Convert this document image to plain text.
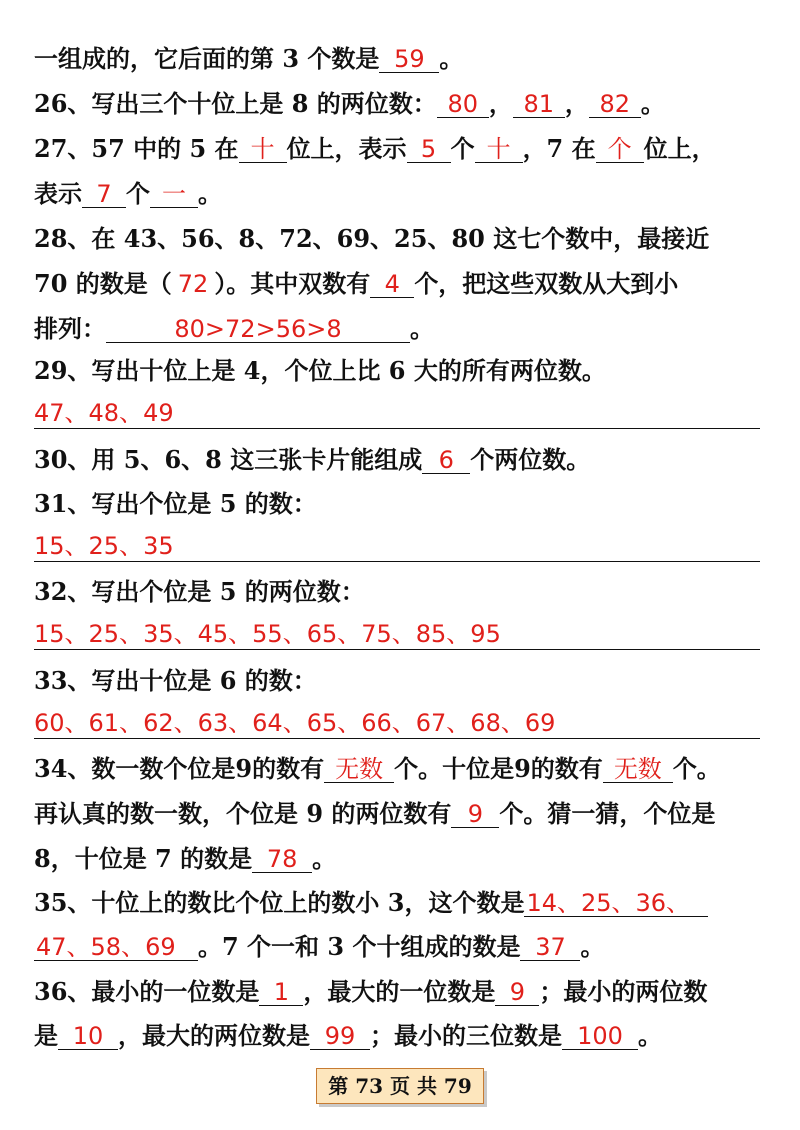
一组成的，它后面的第 3 个数是 59 。
26、写出三个十位上是 8 的两位数： 80 ， 81 ， 82 。
27、57 中的 5 在 十 位上，表示 5 个 十 ，7 在 个 位上，
表示 7 个 一 。
28、在 43、56、8、72、69、25、80 这七个数中，最接近
70 的数是（ 72 ）。其中双数有 4 个，把这些双数从大到小
排列：	80>72>56>8	。
29、写出十位上是 4，个位上比 6 大的所有两位数。
47、48、49
30、用 5、6、8 这三张卡片能组成 6 个两位数。
31、写出个位是 5 的数：
15、25、35
32、写出个位是 5 的两位数：
15、25、35、45、55、65、75、85、95
33、写出十位是 6 的数：
60、61、62、63、64、65、66、67、68、69
34、数一数个位是9的数有 无数 个。十位是9的数有 无数 个。
再认真的数一数，个位是 9 的两位数有 9 个。猜一猜，个位是
8，十位是 7 的数是 78 。
35、十位上的数比个位上的数小 3，这个数是14、25、36、
47、58、69 。7 个一和 3 个十组成的数是 37 。
36、最小的一位数是 1 ，最大的一位数是 9 ；最小的两位数
是 10 ，最大的两位数是 99 ；最小的三位数是 100 。
第 73 页 共 79
